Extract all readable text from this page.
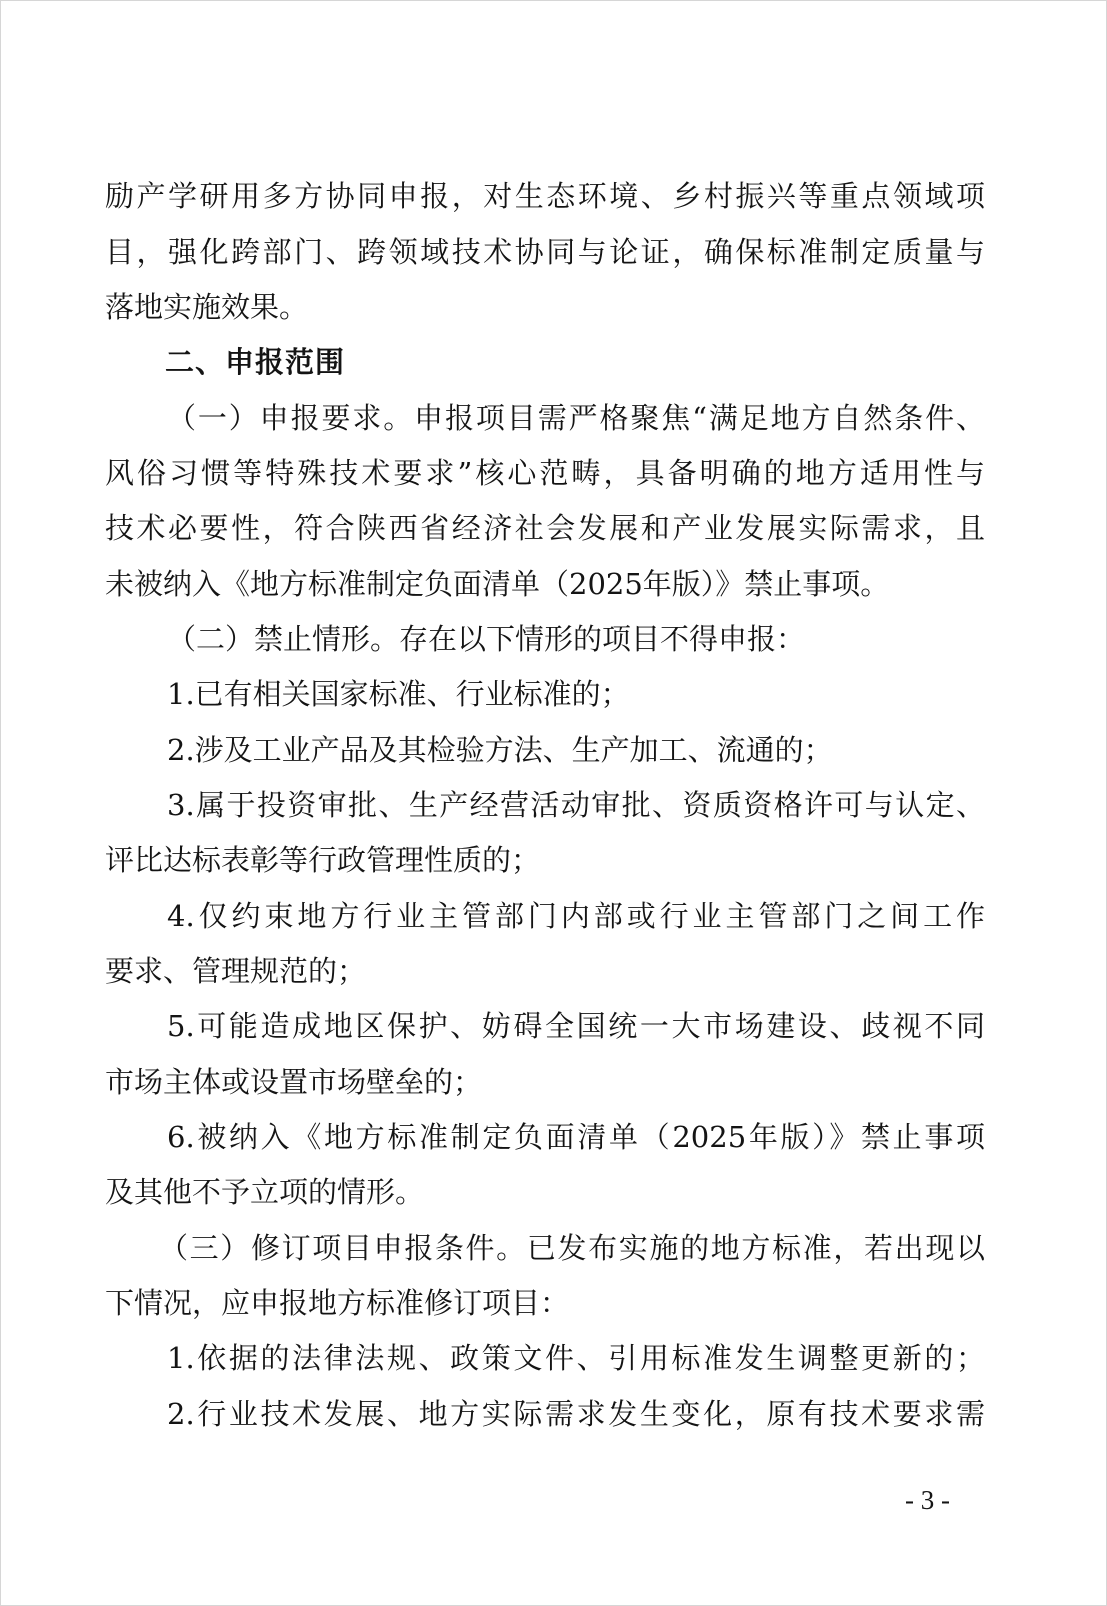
励产学研用多方协同申报，对生态环境、乡村振兴等重点领域项
目，强化跨部门、跨领域技术协同与论证，确保标准制定质量与
落地实施效果。
二、申报范围
（一）申报要求。申报项目需严格聚焦“满足地方自然条件、
风俗习惯等特殊技术要求”核心范畴，具备明确的地方适用性与
技术必要性，符合陕西省经济社会发展和产业发展实际需求，且
未被纳入《地方标准制定负面清单（2025年版）》禁止事项。
（二）禁止情形。存在以下情形的项目不得申报：
1.已有相关国家标准、行业标准的；
2.涉及工业产品及其检验方法、生产加工、流通的；
3.属于投资审批、生产经营活动审批、资质资格许可与认定、
评比达标表彰等行政管理性质的；
4.仅约束地方行业主管部门内部或行业主管部门之间工作
要求、管理规范的；
5.可能造成地区保护、妨碍全国统一大市场建设、歧视不同
市场主体或设置市场壁垒的；
6.被纳入《地方标准制定负面清单（2025年版）》禁止事项
及其他不予立项的情形。
（三）修订项目申报条件。已发布实施的地方标准，若出现以
下情况，应申报地方标准修订项目：
1.依据的法律法规、政策文件、引用标准发生调整更新的；
2.行业技术发展、地方实际需求发生变化，原有技术要求需
- 3 -
